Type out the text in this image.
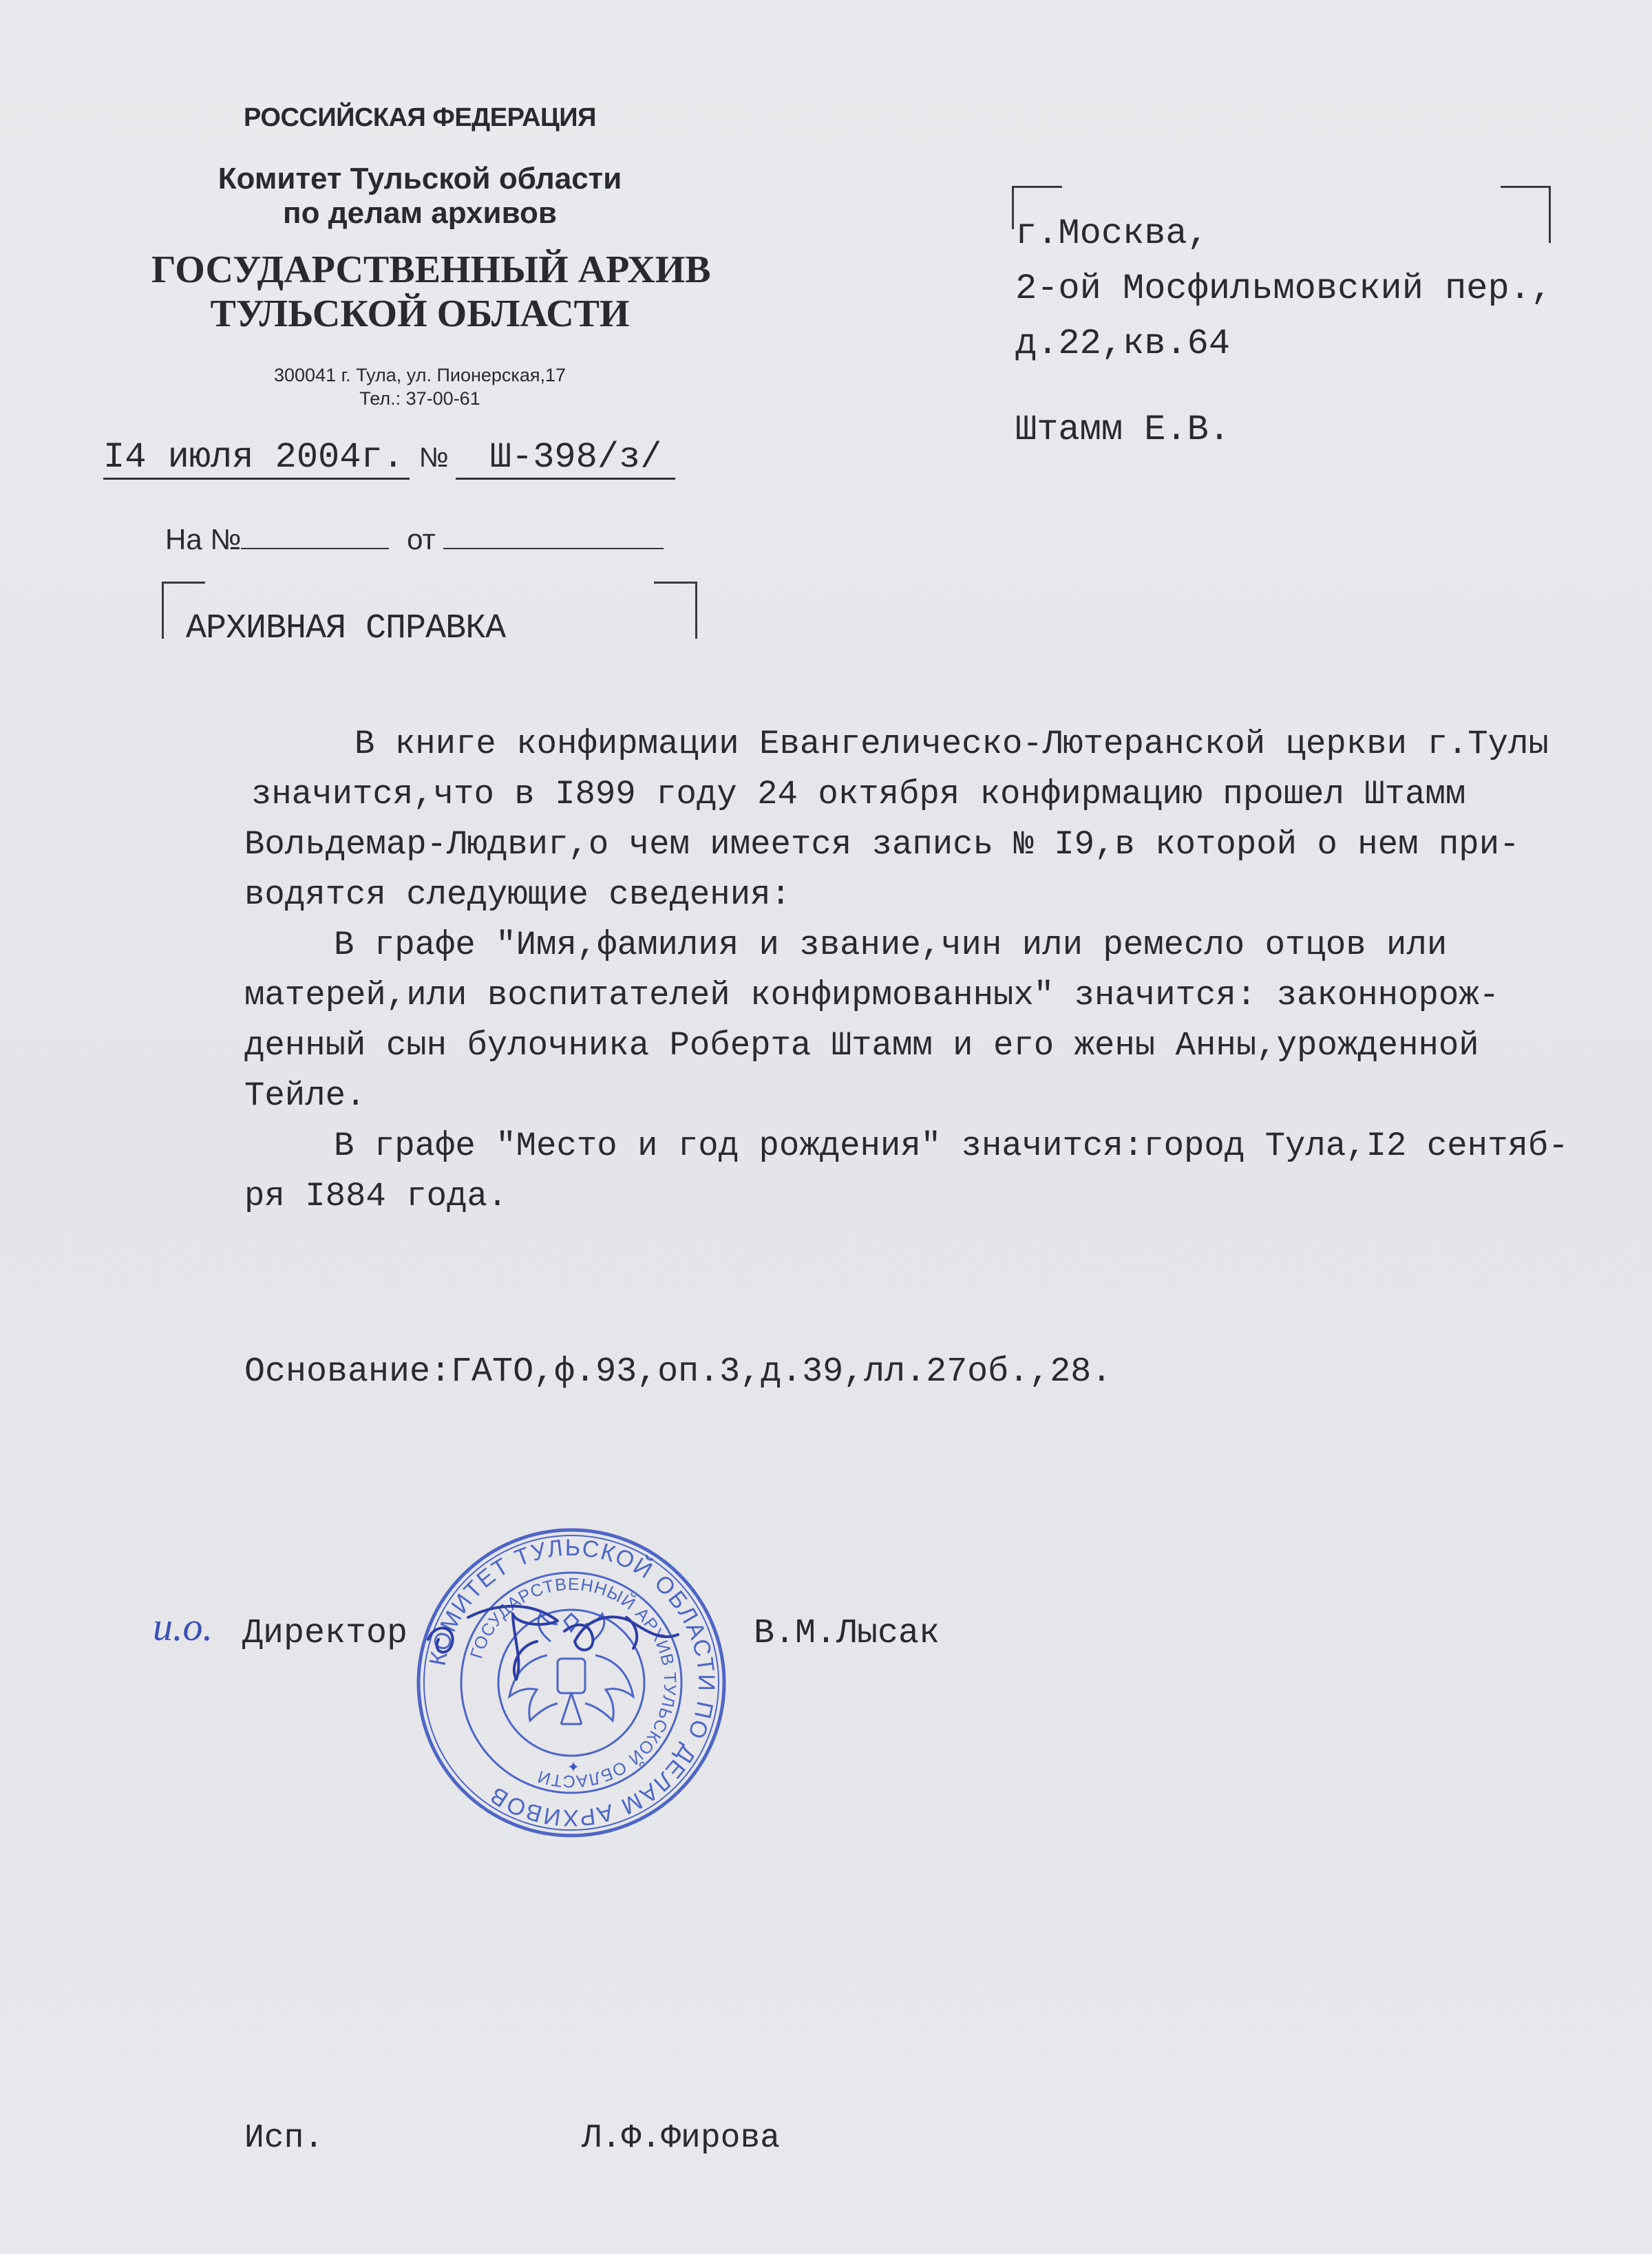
РОССИЙСКАЯ ФЕДЕРАЦИЯ
Комитет Тульской области
по делам архивов
ГОСУДАРСТВЕННЫЙ АРХИВ
ТУЛЬСКОЙ ОБЛАСТИ
300041 г. Тула, ул. Пионерская,17
Тел.: 37-00-61
I4 июля 2004г. № Ш-398/з/
На №	от
г.Москва,
2-ой Мосфильмовский пер.,
д.22,кв.64
Штамм Е.В.
АРХИВНАЯ СПРАВКА
В книге конфирмации Евангелическо-Лютеранской церкви г.Тулы
значится,что в I899 году 24 октября конфирмацию прошел Штамм
Вольдемар-Людвиг,о чем имеется запись № I9,в которой о нем при-
водятся следующие сведения:
В графе "Имя,фамилия и звание,чин или ремесло отцов или
матерей,или воспитателей конфирмованных" значится: законнорож-
денный сын булочника Роберта Штамм и его жены Анны,урожденной
Тейле.
В графе "Место и год рождения" значится:город Тула,I2 сентяб-
ря I884 года.
Основание:ГАТО,ф.93,оп.3,д.39,лл.27об.,28.
и.о. Директор	В.М.Лысак
КОМИТЕТ ТУЛЬСКОЙ ОБЛАСТИ ПО ДЕЛАМ АРХИВОВ
ГОСУДАРСТВЕННЫЙ АРХИВ ТУЛЬСКОЙ ОБЛАСТИ ✦
Исп.	Л.Ф.Фирова
